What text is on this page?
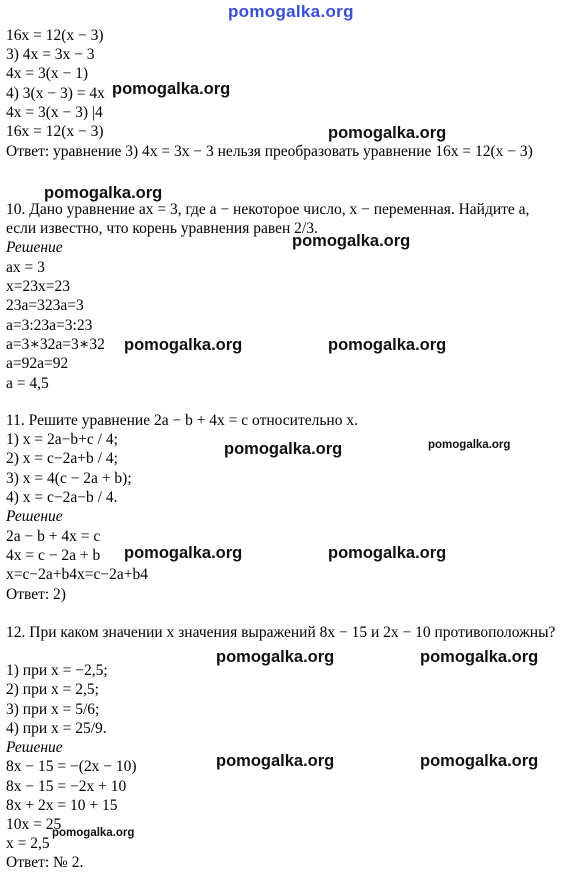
pomogalka.org
16x = 12(x − 3)
3) 4x = 3x − 3
4x = 3(x − 1)
4) 3(x − 3) = 4x
4x = 3(x − 3) |4
16x = 12(x − 3)
Ответ: уравнение 3) 4x = 3x − 3 нельзя преобразовать уравнение 16x = 12(x − 3)
10. Дано уравнение ax = 3, где a − некоторое число, x − переменная. Найдите a, если известно, что корень уравнения равен 2/3.
Решение
ax = 3
x=23x=23
23a=323a=3
a=3:23a=3:23
a=3∗32a=3∗32
a=92a=92
a = 4,5
11. Решите уравнение 2a − b + 4x = c относительно x.
1) x = 2a−b+c / 4;
2) x = c−2a+b / 4;
3) x = 4(c − 2a + b);
4) x = c−2a−b / 4.
Решение
2a − b + 4x = c
4x = c − 2a + b
x=c−2a+b4x=c−2a+b4
Ответ: 2)
12. При каком значении x значения выражений 8x − 15 и 2x − 10 противоположны?
1) при x = −2,5;
2) при x = 2,5;
3) при x = 5/6;
4) при x = 25/9.
Решение
8x − 15 = −(2x − 10)
8x − 15 = −2x + 10
8x + 2x = 10 + 15
10x = 25
x = 2,5
Ответ: № 2.
pomogalka.org
pomogalka.org
pomogalka.org
pomogalka.org
pomogalka.org	pomogalka.org
pomogalka.org	pomogalka.org
pomogalka.org	pomogalka.org
pomogalka.org	pomogalka.org
pomogalka.org	pomogalka.org
pomogalka.org
